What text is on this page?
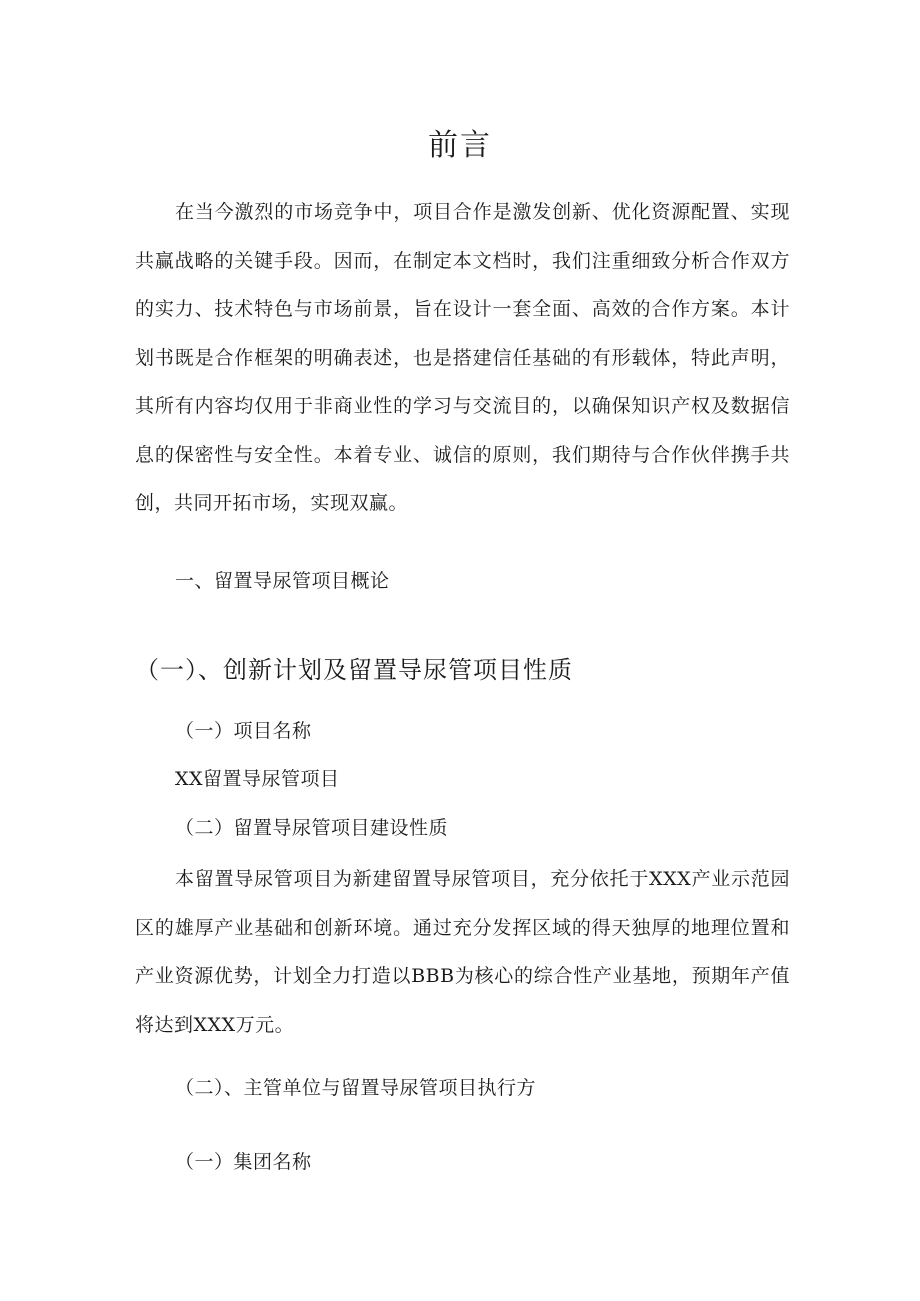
前言
在当今激烈的市场竞争中，项目合作是激发创新、优化资源配置、实现共赢战略的关键手段。因而，在制定本文档时，我们注重细致分析合作双方的实力、技术特色与市场前景，旨在设计一套全面、高效的合作方案。本计划书既是合作框架的明确表述，也是搭建信任基础的有形载体，特此声明，其所有内容均仅用于非商业性的学习与交流目的，以确保知识产权及数据信息的保密性与安全性。本着专业、诚信的原则，我们期待与合作伙伴携手共创，共同开拓市场，实现双赢。
一、留置导尿管项目概论
（一）、创新计划及留置导尿管项目性质
（一）项目名称
XX留置导尿管项目
（二）留置导尿管项目建设性质
本留置导尿管项目为新建留置导尿管项目，充分依托于XXX产业示范园区的雄厚产业基础和创新环境。通过充分发挥区域的得天独厚的地理位置和产业资源优势，计划全力打造以BBB为核心的综合性产业基地，预期年产值将达到XXX万元。
（二）、主管单位与留置导尿管项目执行方
（一）集团名称
